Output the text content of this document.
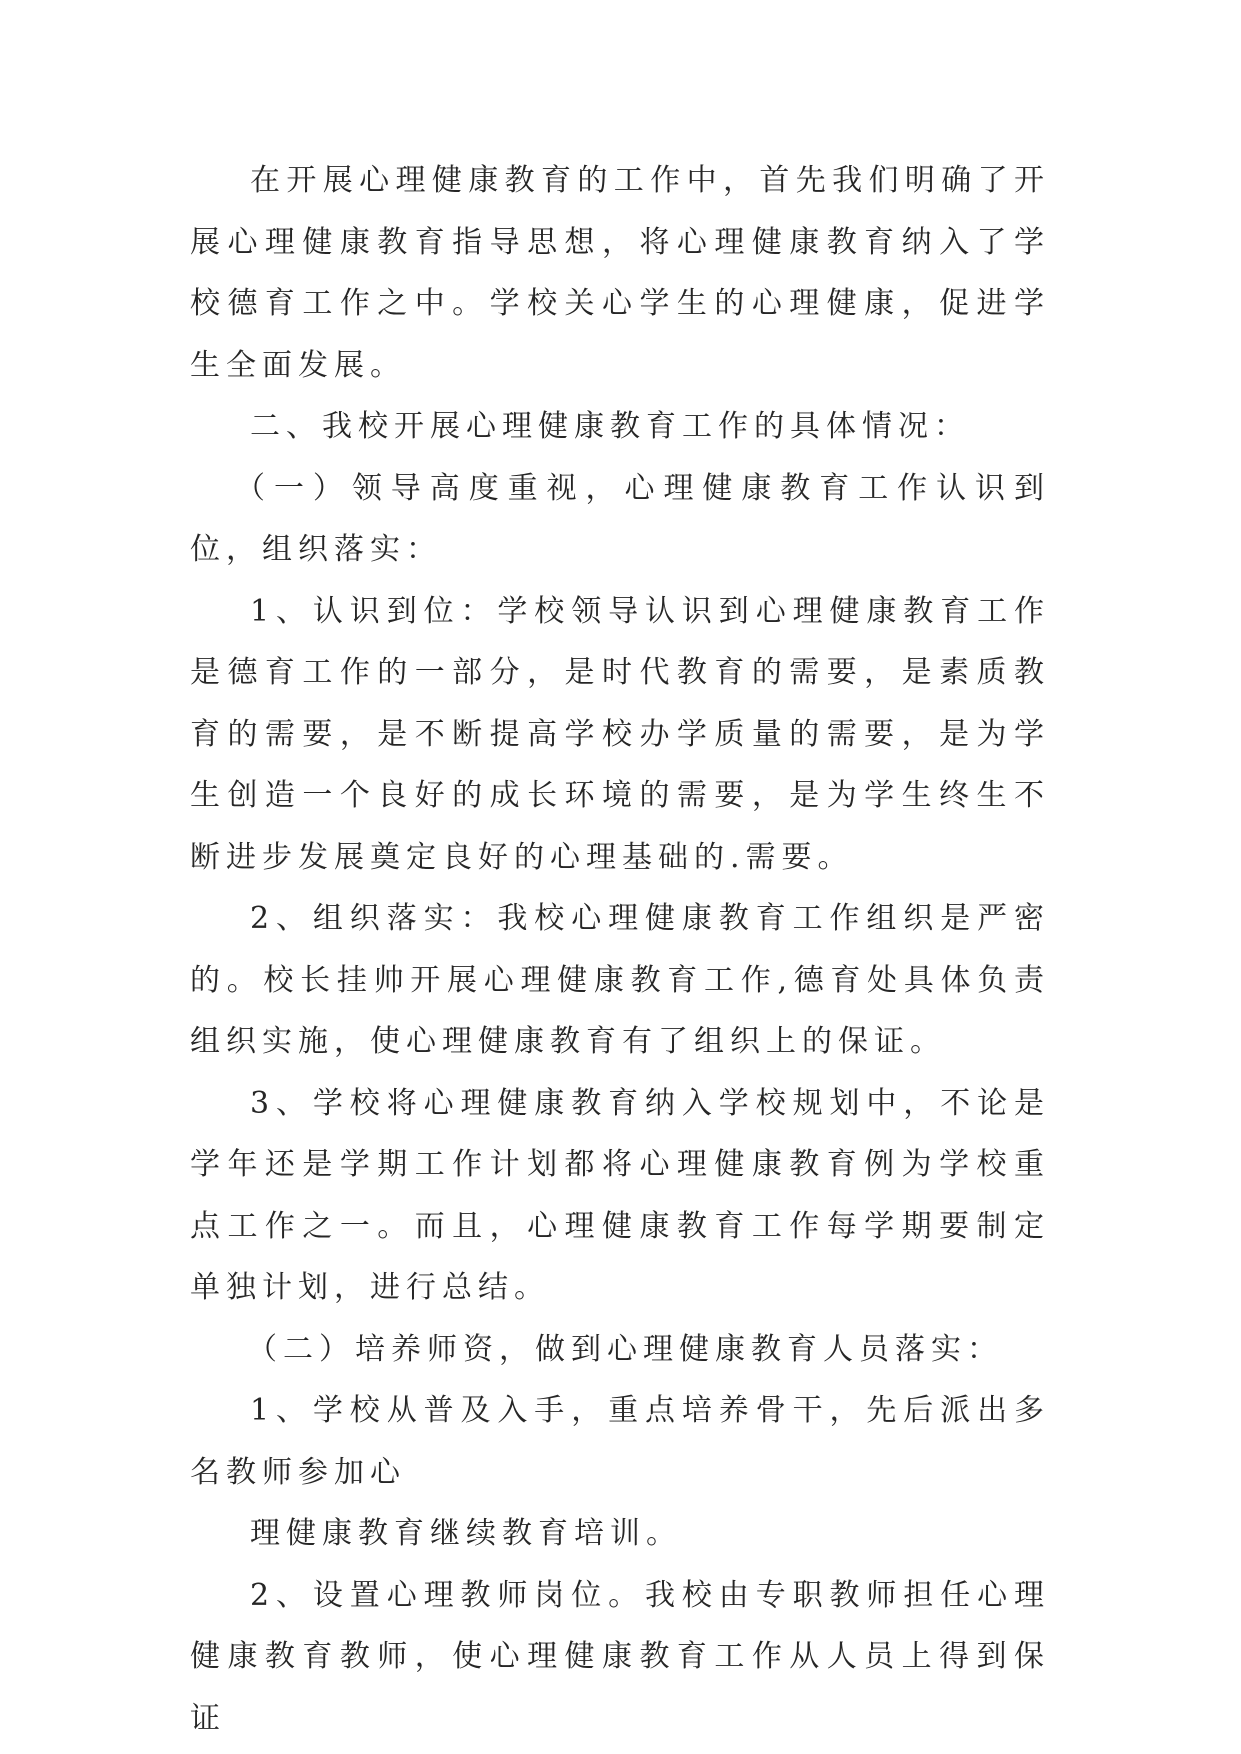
在开展心理健康教育的工作中，首先我们明确了开展心理健康教育指导思想，将心理健康教育纳入了学校德育工作之中。学校关心学生的心理健康，促进学生全面发展。

二、我校开展心理健康教育工作的具体情况：

（一）领导高度重视，心理健康教育工作认识到位，组织落实：

1、认识到位：学校领导认识到心理健康教育工作是德育工作的一部分，是时代教育的需要，是素质教育的需要，是不断提高学校办学质量的需要，是为学生创造一个良好的成长环境的需要，是为学生终生不断进步发展奠定良好的心理基础的.需要。

2、组织落实：我校心理健康教育工作组织是严密的。校长挂帅开展心理健康教育工作,德育处具体负责组织实施，使心理健康教育有了组织上的保证。

3、学校将心理健康教育纳入学校规划中，不论是学年还是学期工作计划都将心理健康教育例为学校重点工作之一。而且，心理健康教育工作每学期要制定单独计划，进行总结。

（二）培养师资，做到心理健康教育人员落实：

1、学校从普及入手，重点培养骨干，先后派出多名教师参加心

理健康教育继续教育培训。

2、设置心理教师岗位。我校由专职教师担任心理健康教育教师，使心理健康教育工作从人员上得到保证
